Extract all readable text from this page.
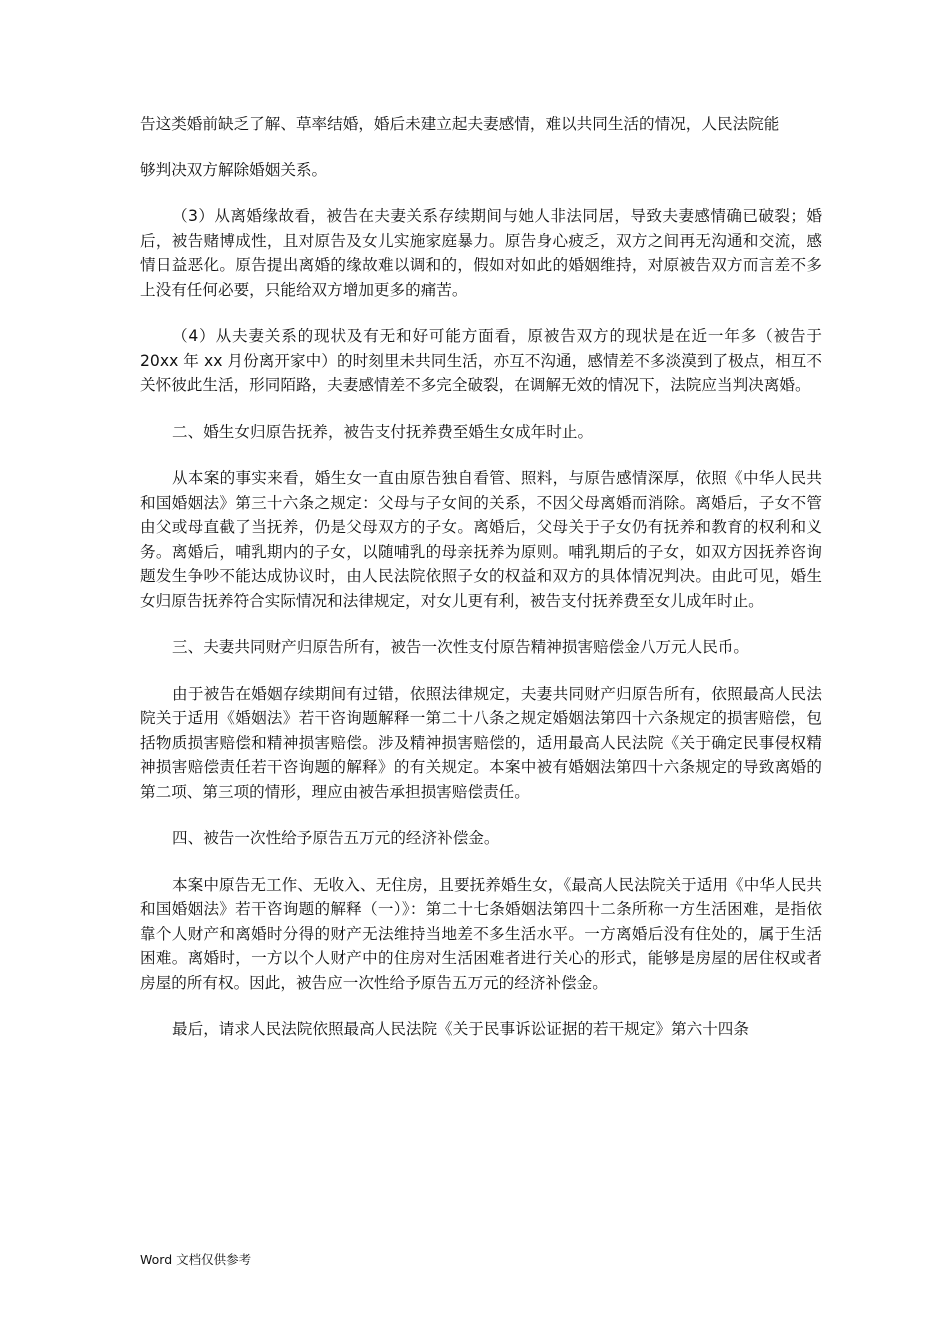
告这类婚前缺乏了解、草率结婚，婚后未建立起夫妻感情，难以共同生活的情况，人民法院能

够判决双方解除婚姻关系。

（3）从离婚缘故看，被告在夫妻关系存续期间与她人非法同居，导致夫妻感情确已破裂；婚后，被告赌博成性，且对原告及女儿实施家庭暴力。原告身心疲乏，双方之间再无沟通和交流，感情日益恶化。原告提出离婚的缘故难以调和的，假如对如此的婚姻维持，对原被告双方而言差不多上没有任何必要，只能给双方增加更多的痛苦。

（4）从夫妻关系的现状及有无和好可能方面看，原被告双方的现状是在近一年多（被告于 20xx 年 xx 月份离开家中）的时刻里未共同生活，亦互不沟通，感情差不多淡漠到了极点，相互不关怀彼此生活，形同陌路，夫妻感情差不多完全破裂，在调解无效的情况下，法院应当判决离婚。

二、婚生女归原告抚养，被告支付抚养费至婚生女成年时止。

从本案的事实来看，婚生女一直由原告独自看管、照料，与原告感情深厚，依照《中华人民共和国婚姻法》第三十六条之规定：父母与子女间的关系，不因父母离婚而消除。离婚后，子女不管由父或母直截了当抚养，仍是父母双方的子女。离婚后，父母关于子女仍有抚养和教育的权利和义务。离婚后，哺乳期内的子女，以随哺乳的母亲抚养为原则。哺乳期后的子女，如双方因抚养咨询题发生争吵不能达成协议时，由人民法院依照子女的权益和双方的具体情况判决。由此可见，婚生女归原告抚养符合实际情况和法律规定，对女儿更有利，被告支付抚养费至女儿成年时止。

三、夫妻共同财产归原告所有，被告一次性支付原告精神损害赔偿金八万元人民币。

由于被告在婚姻存续期间有过错，依照法律规定，夫妻共同财产归原告所有，依照最高人民法院关于适用《婚姻法》若干咨询题解释一第二十八条之规定婚姻法第四十六条规定的损害赔偿，包括物质损害赔偿和精神损害赔偿。涉及精神损害赔偿的，适用最高人民法院《关于确定民事侵权精神损害赔偿责任若干咨询题的解释》的有关规定。本案中被有婚姻法第四十六条规定的导致离婚的第二项、第三项的情形，理应由被告承担损害赔偿责任。

四、被告一次性给予原告五万元的经济补偿金。

本案中原告无工作、无收入、无住房，且要抚养婚生女，《最高人民法院关于适用《中华人民共和国婚姻法》若干咨询题的解释（一）》：第二十七条婚姻法第四十二条所称一方生活困难，是指依靠个人财产和离婚时分得的财产无法维持当地差不多生活水平。一方离婚后没有住处的，属于生活困难。离婚时，一方以个人财产中的住房对生活困难者进行关心的形式，能够是房屋的居住权或者房屋的所有权。因此，被告应一次性给予原告五万元的经济补偿金。

最后，请求人民法院依照最高人民法院《关于民事诉讼证据的若干规定》第六十四条

Word 文档仅供参考
